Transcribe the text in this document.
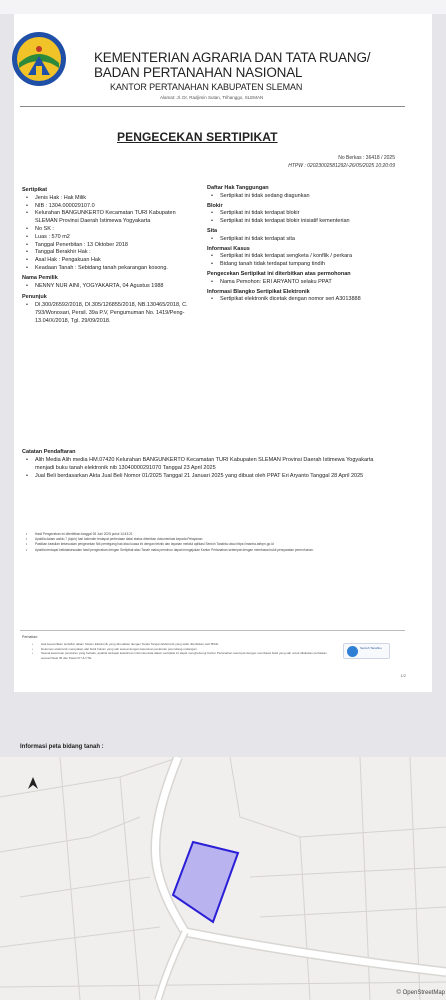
KEMENTERIAN AGRARIA DAN TATA RUANG/
BADAN PERTANAHAN NASIONAL
KANTOR PERTANAHAN KABUPATEN SLEMAN
Alamat: Jl. Dr. Radjimin Sutan, Trihanggo, SLEMAN
PENGECEKAN SERTIPIKAT
No Berkas : 36418 / 2025
HTPW : 02023002581292/-26/05/2025 10:20:09
Sertipikat
• Jenis Hak : Hak Milik
• NIB : 1304.000029107.0
• Kelurahan BANGUNKERTO Kecamatan TURI Kabupaten SLEMAN Provinsi Daerah Istimewa Yogyakarta
• No SK :
• Luas : 570 m2
• Tanggal Penerbitan : 13 Oktober 2018
• Tanggal Berakhir Hak :
• Asal Hak : Pengakuan Hak
• Keadaan Tanah : Sebidang tanah pekarangan kosong.
Nama Pemilik
• NENNY NUR AINI, YOGYAKARTA, 04 Agustus 1988
Penunjuk
• DI.300/26592/2018, DI.305/126855/2018, NB.130465/2018, C. 793/Wonosari, Persil. 39a P.V, Pengumuman No. 1419/Peng-13.04/X/2018, Tgl. 29/09/2018.
Daftar Hak Tanggungan
• Sertipikat ini tidak sedang diagunkan
Blokir
• Sertipikat ini tidak terdapat blokir
• Sertipikat ini tidak terdapat blokir inisiatif kementerian
Sita
• Sertipikat ini tidak terdapat sita
Informasi Kasus
• Sertipikat ini tidak terdapat sengketa / konflik / perkara
• Bidang tanah tidak terdapat tumpang tindih
Pengecekan Sertipikat ini diterbitkan atas permohonan
• Nama Pemohon: ERI ARYANTO selaku PPAT
Informasi Blangko Sertipikat Elektronik
• Sertipikat elektronik dicetak dengan nomor seri A3013888
Catatan Pendaftaran
• Alih Media Alih media HM.07420 Kelurahan BANGUNKERTO Kecamatan TURI Kabupaten SLEMAN Provinsi Daerah Istimewa Yogyakarta menjadi buku tanah elektronik nib 13040000291070 Tanggal 23 April 2025
• Jual Beli berdasarkan Akta Jual Beli Nomor 01/2025 Tanggal 21 Januari 2025 yang dibuat oleh PPAT Eri Aryanto Tanggal 28 April 2025
• Hasil Pengecekan ini diterbitkan tanggal 26 Juni 2025 pukul 14:43:21
• Apabila dalam waktu 7 (tujuh) hari kalender terdapat perbedaan data/ status diberikan dokumentasi kepada Pelayanan
• Pastikan keaslian kesesuaian pengecekan Nik pemegang hak atau kuasa ini dengan teknik dan layanan melalui aplikasi Sentuh Tanahku atau https://mantra.atrbpn.go.id
• Apabila terdapat ketidaksesuaian hasil pengecekan dengan Sertipikat atau Tanah maka pemohon dapat mengajukan Kantor Pertanahan setempat dengan membawa bukti persyaratan permohonan.
Perhatian:
• Hak kepemilikan terdaftar dalam Sistem Elektronik yang dimuatkan dengan Tanda Tangan Elektronik yang telah diterbitkan oleh BSrE.
• Dokumen elektronik merupakan alat bukti hukum yang sah sesuai dengan ketentuan peraturan perundang-undangan.
• Sesuai ketentuan peraturan yang berlaku, apabila terdapat kekeliruan informasi data dalam sertipikat ini dapat menghubungi Kantor Pertanahan setempat dengan membawa bukti yang sah untuk dilakukan perbaikan sesuai Pasal 36 dan Pasal 37 UU ITE.
Sentuh Tanahku
1/2
Informasi peta bidang tanah :
© OpenStreetMap
